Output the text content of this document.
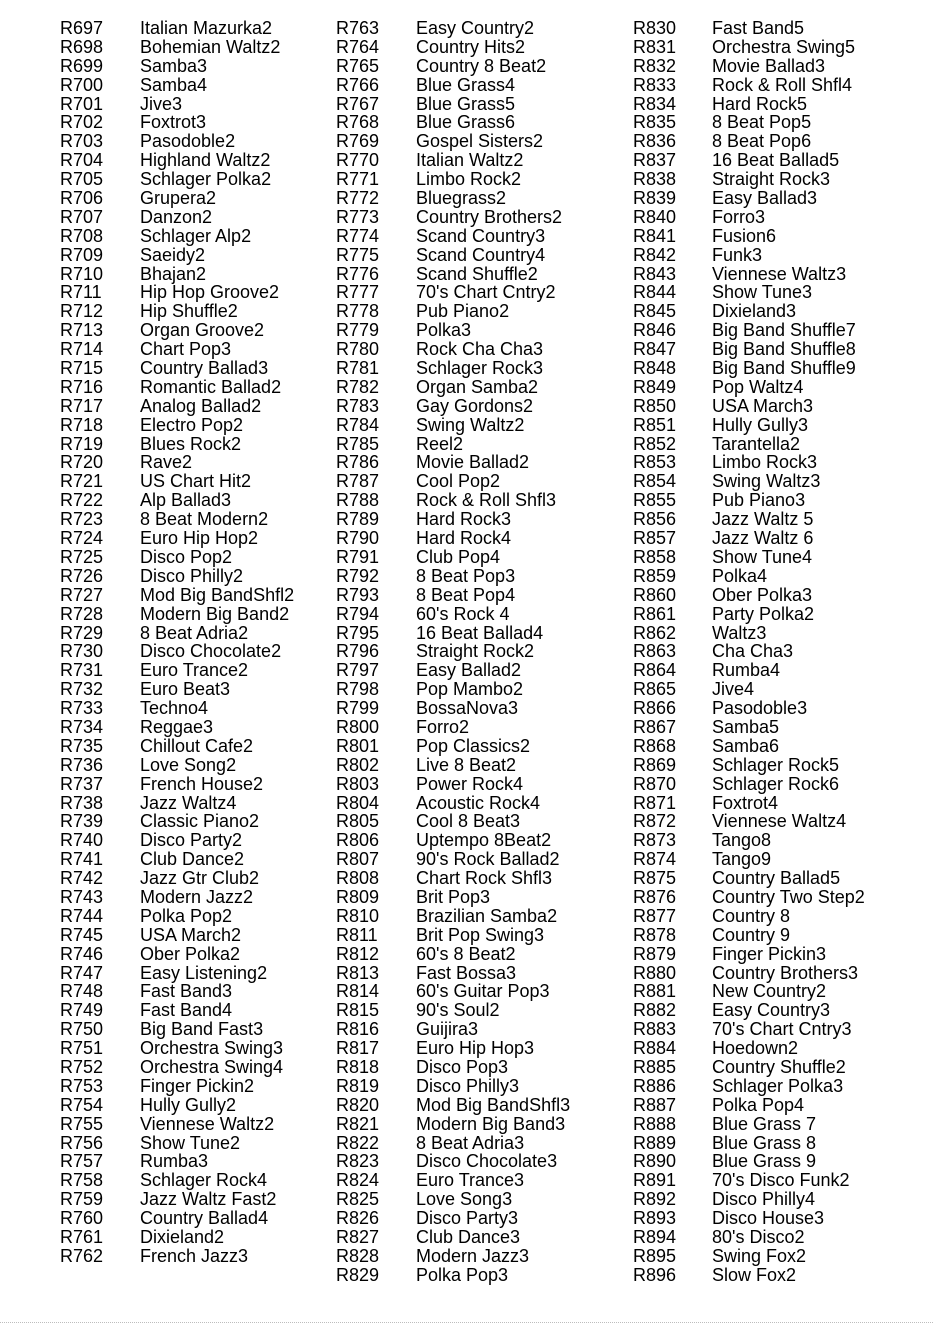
R697 Italian Mazurka2
R698 Bohemian Waltz2
R699 Samba3
R700 Samba4
R701 Jive3
R702 Foxtrot3
R703 Pasodoble2
R704 Highland Waltz2
R705 Schlager Polka2
R706 Grupera2
R707 Danzon2
R708 Schlager Alp2
R709 Saeidy2
R710 Bhajan2
R711 Hip Hop Groove2
R712 Hip Shuffle2
R713 Organ Groove2
R714 Chart Pop3
R715 Country Ballad3
R716 Romantic Ballad2
R717 Analog Ballad2
R718 Electro Pop2
R719 Blues Rock2
R720 Rave2
R721 US Chart Hit2
R722 Alp Ballad3
R723 8 Beat Modern2
R724 Euro Hip Hop2
R725 Disco Pop2
R726 Disco Philly2
R727 Mod Big BandShfl2
R728 Modern Big Band2
R729 8 Beat Adria2
R730 Disco Chocolate2
R731 Euro Trance2
R732 Euro Beat3
R733 Techno4
R734 Reggae3
R735 Chillout Cafe2
R736 Love Song2
R737 French House2
R738 Jazz Waltz4
R739 Classic Piano2
R740 Disco Party2
R741 Club Dance2
R742 Jazz Gtr Club2
R743 Modern Jazz2
R744 Polka Pop2
R745 USA March2
R746 Ober Polka2
R747 Easy Listening2
R748 Fast Band3
R749 Fast Band4
R750 Big Band Fast3
R751 Orchestra Swing3
R752 Orchestra Swing4
R753 Finger Pickin2
R754 Hully Gully2
R755 Viennese Waltz2
R756 Show Tune2
R757 Rumba3
R758 Schlager Rock4
R759 Jazz Waltz Fast2
R760 Country Ballad4
R761 Dixieland2
R762 French Jazz3
R763 Easy Country2
R764 Country Hits2
R765 Country 8 Beat2
R766 Blue Grass4
R767 Blue Grass5
R768 Blue Grass6
R769 Gospel Sisters2
R770 Italian Waltz2
R771 Limbo Rock2
R772 Bluegrass2
R773 Country Brothers2
R774 Scand Country3
R775 Scand Country4
R776 Scand Shuffle2
R777 70's Chart Cntry2
R778 Pub Piano2
R779 Polka3
R780 Rock Cha Cha3
R781 Schlager Rock3
R782 Organ Samba2
R783 Gay Gordons2
R784 Swing Waltz2
R785 Reel2
R786 Movie Ballad2
R787 Cool Pop2
R788 Rock & Roll Shfl3
R789 Hard Rock3
R790 Hard Rock4
R791 Club Pop4
R792 8 Beat Pop3
R793 8 Beat Pop4
R794 60's Rock 4
R795 16 Beat Ballad4
R796 Straight Rock2
R797 Easy Ballad2
R798 Pop Mambo2
R799 BossaNova3
R800 Forro2
R801 Pop Classics2
R802 Live 8 Beat2
R803 Power Rock4
R804 Acoustic Rock4
R805 Cool 8 Beat3
R806 Uptempo 8Beat2
R807 90's Rock Ballad2
R808 Chart Rock Shfl3
R809 Brit Pop3
R810 Brazilian Samba2
R811 Brit Pop Swing3
R812 60's 8 Beat2
R813 Fast Bossa3
R814 60's Guitar Pop3
R815 90's Soul2
R816 Guijira3
R817 Euro Hip Hop3
R818 Disco Pop3
R819 Disco Philly3
R820 Mod Big BandShfl3
R821 Modern Big Band3
R822 8 Beat Adria3
R823 Disco Chocolate3
R824 Euro Trance3
R825 Love Song3
R826 Disco Party3
R827 Club Dance3
R828 Modern Jazz3
R829 Polka Pop3
R830 Fast Band5
R831 Orchestra Swing5
R832 Movie Ballad3
R833 Rock & Roll Shfl4
R834 Hard Rock5
R835 8 Beat Pop5
R836 8 Beat Pop6
R837 16 Beat Ballad5
R838 Straight Rock3
R839 Easy Ballad3
R840 Forro3
R841 Fusion6
R842 Funk3
R843 Viennese Waltz3
R844 Show Tune3
R845 Dixieland3
R846 Big Band Shuffle7
R847 Big Band Shuffle8
R848 Big Band Shuffle9
R849 Pop Waltz4
R850 USA March3
R851 Hully Gully3
R852 Tarantella2
R853 Limbo Rock3
R854 Swing Waltz3
R855 Pub Piano3
R856 Jazz Waltz 5
R857 Jazz Waltz 6
R858 Show Tune4
R859 Polka4
R860 Ober Polka3
R861 Party Polka2
R862 Waltz3
R863 Cha Cha3
R864 Rumba4
R865 Jive4
R866 Pasodoble3
R867 Samba5
R868 Samba6
R869 Schlager Rock5
R870 Schlager Rock6
R871 Foxtrot4
R872 Viennese Waltz4
R873 Tango8
R874 Tango9
R875 Country Ballad5
R876 Country Two Step2
R877 Country 8
R878 Country 9
R879 Finger Pickin3
R880 Country Brothers3
R881 New Country2
R882 Easy Country3
R883 70's Chart Cntry3
R884 Hoedown2
R885 Country Shuffle2
R886 Schlager Polka3
R887 Polka Pop4
R888 Blue Grass 7
R889 Blue Grass 8
R890 Blue Grass 9
R891 70's Disco Funk2
R892 Disco Philly4
R893 Disco House3
R894 80's Disco2
R895 Swing Fox2
R896 Slow Fox2
